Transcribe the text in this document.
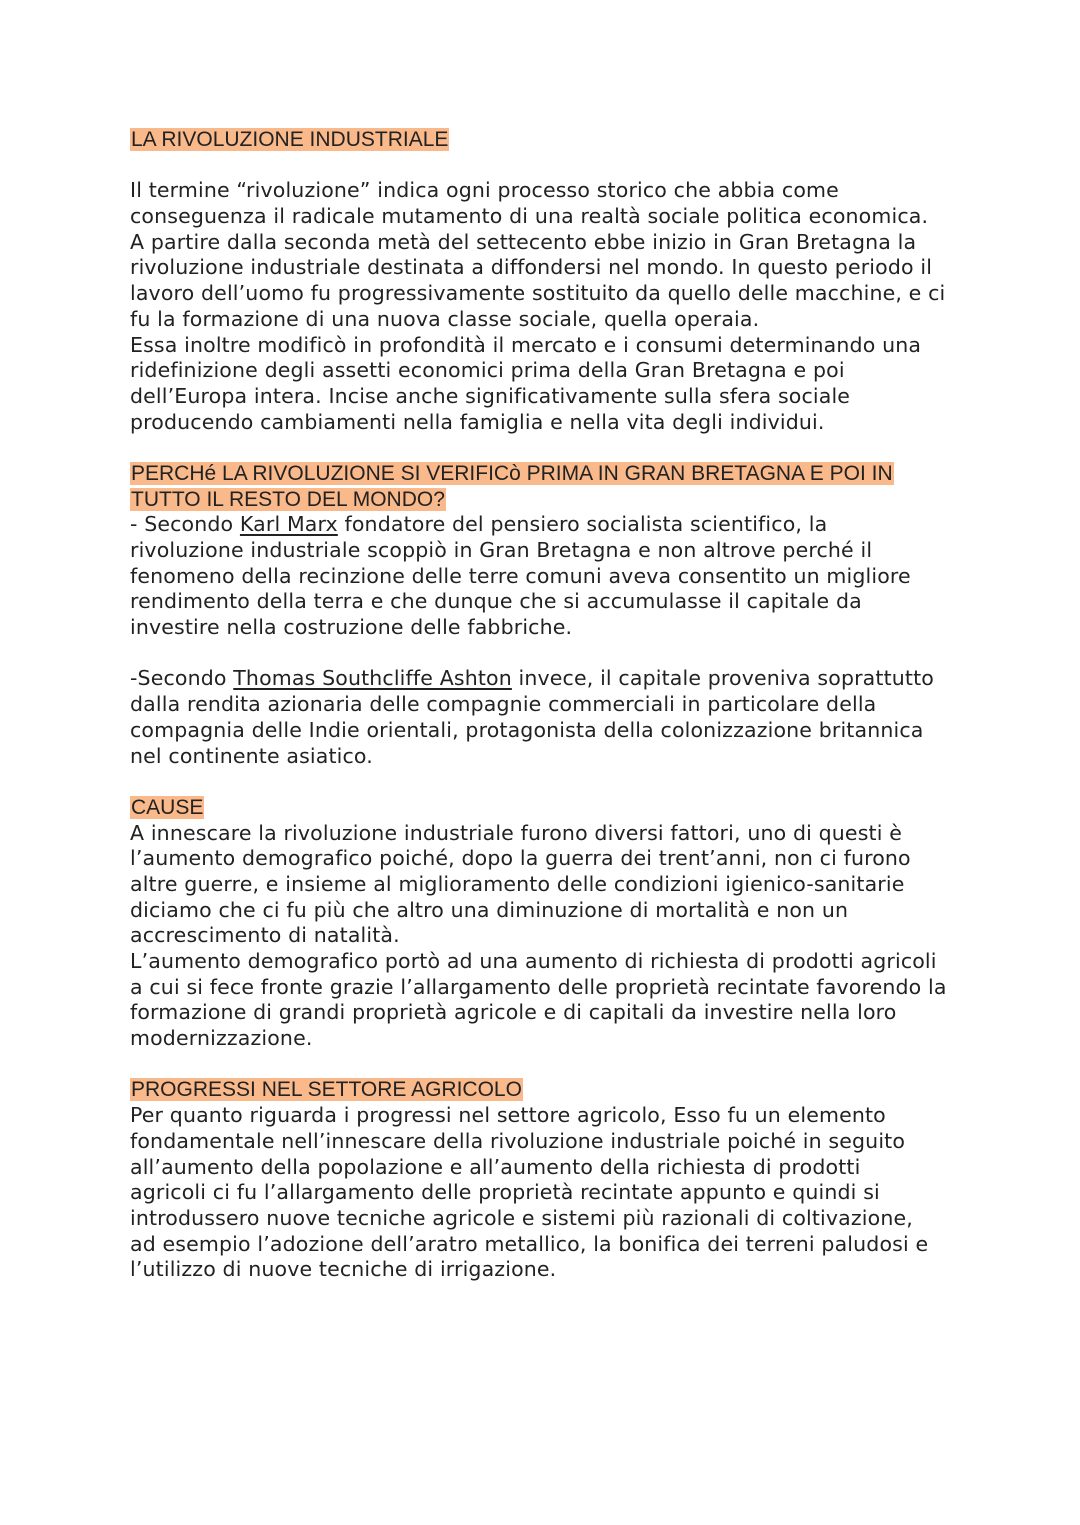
LA RIVOLUZIONE INDUSTRIALE
Il termine “rivoluzione” indica ogni processo storico che abbia come
conseguenza il radicale mutamento di una realtà sociale politica economica.
A partire dalla seconda metà del settecento ebbe inizio in Gran Bretagna la
rivoluzione industriale destinata a diffondersi nel mondo. In questo periodo il
lavoro dell’uomo fu progressivamente sostituito da quello delle macchine, e ci
fu la formazione di una nuova classe sociale, quella operaia.
Essa inoltre modificò in profondità il mercato e i consumi determinando una
ridefinizione degli assetti economici prima della Gran Bretagna e poi
dell’Europa intera. Incise anche significativamente sulla sfera sociale
producendo cambiamenti nella famiglia e nella vita degli individui.
PERCHé LA RIVOLUZIONE SI VERIFICò PRIMA IN GRAN BRETAGNA E POI IN
TUTTO IL RESTO DEL MONDO?
- Secondo Karl Marx fondatore del pensiero socialista scientifico, la
rivoluzione industriale scoppiò in Gran Bretagna e non altrove perché il
fenomeno della recinzione delle terre comuni aveva consentito un migliore
rendimento della terra e che dunque che si accumulasse il capitale da
investire nella costruzione delle fabbriche.
-Secondo Thomas Southcliffe Ashton invece, il capitale proveniva soprattutto
dalla rendita azionaria delle compagnie commerciali in particolare della
compagnia delle Indie orientali, protagonista della colonizzazione britannica
nel continente asiatico.
CAUSE
A innescare la rivoluzione industriale furono diversi fattori, uno di questi è
l’aumento demografico poiché, dopo la guerra dei trent’anni, non ci furono
altre guerre, e insieme al miglioramento delle condizioni igienico-sanitarie
diciamo che ci fu più che altro una diminuzione di mortalità e non un
accrescimento di natalità.
L’aumento demografico portò ad una aumento di richiesta di prodotti agricoli
a cui si fece fronte grazie l’allargamento delle proprietà recintate favorendo la
formazione di grandi proprietà agricole e di capitali da investire nella loro
modernizzazione.
PROGRESSI NEL SETTORE AGRICOLO
Per quanto riguarda i progressi nel settore agricolo, Esso fu un elemento
fondamentale nell’innescare della rivoluzione industriale poiché in seguito
all’aumento della popolazione e all’aumento della richiesta di prodotti
agricoli ci fu l’allargamento delle proprietà recintate appunto e quindi si
introdussero nuove tecniche agricole e sistemi più razionali di coltivazione,
ad esempio l’adozione dell’aratro metallico, la bonifica dei terreni paludosi e
l’utilizzo di nuove tecniche di irrigazione.
